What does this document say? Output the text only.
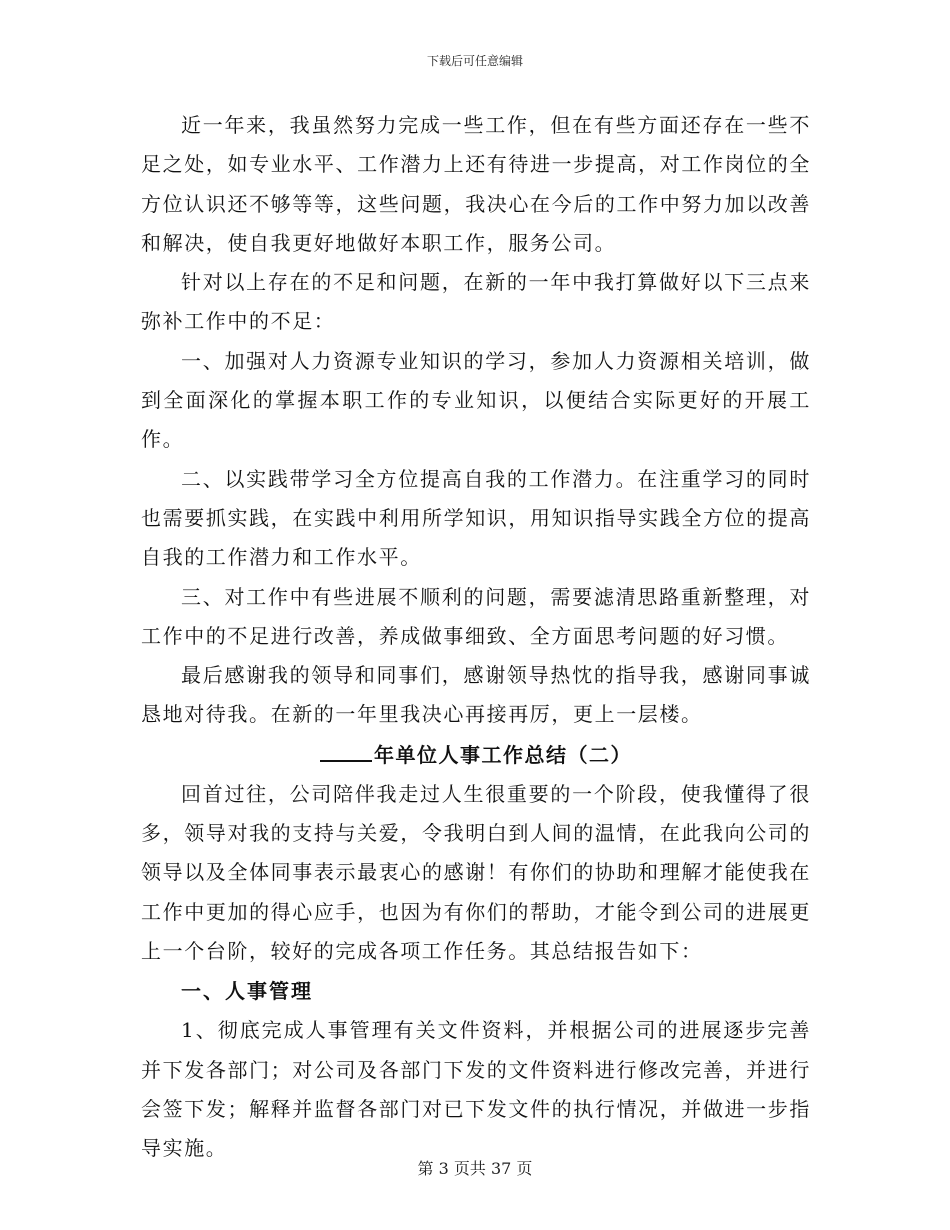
下载后可任意编辑

近一年来，我虽然努力完成一些工作，但在有些方面还存在一些不足之处，如专业水平、工作潜力上还有待进一步提高，对工作岗位的全方位认识还不够等等，这些问题，我决心在今后的工作中努力加以改善和解决，使自我更好地做好本职工作，服务公司。

针对以上存在的不足和问题，在新的一年中我打算做好以下三点来弥补工作中的不足：

一、加强对人力资源专业知识的学习，参加人力资源相关培训，做到全面深化的掌握本职工作的专业知识，以便结合实际更好的开展工作。

二、以实践带学习全方位提高自我的工作潜力。在注重学习的同时也需要抓实践，在实践中利用所学知识，用知识指导实践全方位的提高自我的工作潜力和工作水平。

三、对工作中有些进展不顺利的问题，需要滤清思路重新整理，对工作中的不足进行改善，养成做事细致、全方面思考问题的好习惯。

最后感谢我的领导和同事们，感谢领导热忱的指导我，感谢同事诚恳地对待我。在新的一年里我决心再接再厉，更上一层楼。

年单位人事工作总结（二）

回首过往，公司陪伴我走过人生很重要的一个阶段，使我懂得了很多，领导对我的支持与关爱，令我明白到人间的温情，在此我向公司的领导以及全体同事表示最衷心的感谢！有你们的协助和理解才能使我在工作中更加的得心应手，也因为有你们的帮助，才能令到公司的进展更上一个台阶，较好的完成各项工作任务。其总结报告如下：

一、人事管理

1、彻底完成人事管理有关文件资料，并根据公司的进展逐步完善并下发各部门；对公司及各部门下发的文件资料进行修改完善，并进行会签下发；解释并监督各部门对已下发文件的执行情况，并做进一步指导实施。

第 3 页共 37 页
